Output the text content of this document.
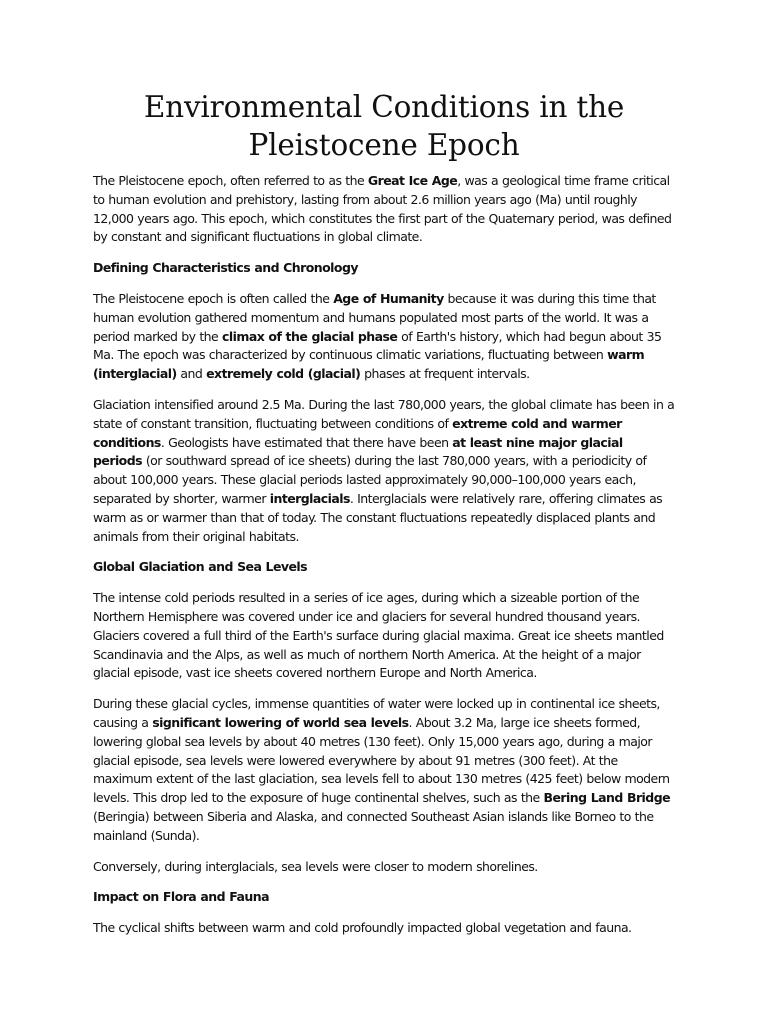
Environmental Conditions in the Pleistocene Epoch

The Pleistocene epoch, often referred to as the Great Ice Age, was a geological time frame critical to human evolution and prehistory, lasting from about 2.6 million years ago (Ma) until roughly 12,000 years ago. This epoch, which constitutes the first part of the Quaternary period, was defined by constant and significant fluctuations in global climate.

Defining Characteristics and Chronology

The Pleistocene epoch is often called the Age of Humanity because it was during this time that human evolution gathered momentum and humans populated most parts of the world. It was a period marked by the climax of the glacial phase of Earth's history, which had begun about 35 Ma. The epoch was characterized by continuous climatic variations, fluctuating between warm (interglacial) and extremely cold (glacial) phases at frequent intervals.

Glaciation intensified around 2.5 Ma. During the last 780,000 years, the global climate has been in a state of constant transition, fluctuating between conditions of extreme cold and warmer conditions. Geologists have estimated that there have been at least nine major glacial periods (or southward spread of ice sheets) during the last 780,000 years, with a periodicity of about 100,000 years. These glacial periods lasted approximately 90,000–100,000 years each, separated by shorter, warmer interglacials. Interglacials were relatively rare, offering climates as warm as or warmer than that of today. The constant fluctuations repeatedly displaced plants and animals from their original habitats.

Global Glaciation and Sea Levels

The intense cold periods resulted in a series of ice ages, during which a sizeable portion of the Northern Hemisphere was covered under ice and glaciers for several hundred thousand years. Glaciers covered a full third of the Earth's surface during glacial maxima. Great ice sheets mantled Scandinavia and the Alps, as well as much of northern North America. At the height of a major glacial episode, vast ice sheets covered northern Europe and North America.

During these glacial cycles, immense quantities of water were locked up in continental ice sheets, causing a significant lowering of world sea levels. About 3.2 Ma, large ice sheets formed, lowering global sea levels by about 40 metres (130 feet). Only 15,000 years ago, during a major glacial episode, sea levels were lowered everywhere by about 91 metres (300 feet). At the maximum extent of the last glaciation, sea levels fell to about 130 metres (425 feet) below modern levels. This drop led to the exposure of huge continental shelves, such as the Bering Land Bridge (Beringia) between Siberia and Alaska, and connected Southeast Asian islands like Borneo to the mainland (Sunda).

Conversely, during interglacials, sea levels were closer to modern shorelines.

Impact on Flora and Fauna

The cyclical shifts between warm and cold profoundly impacted global vegetation and fauna.
